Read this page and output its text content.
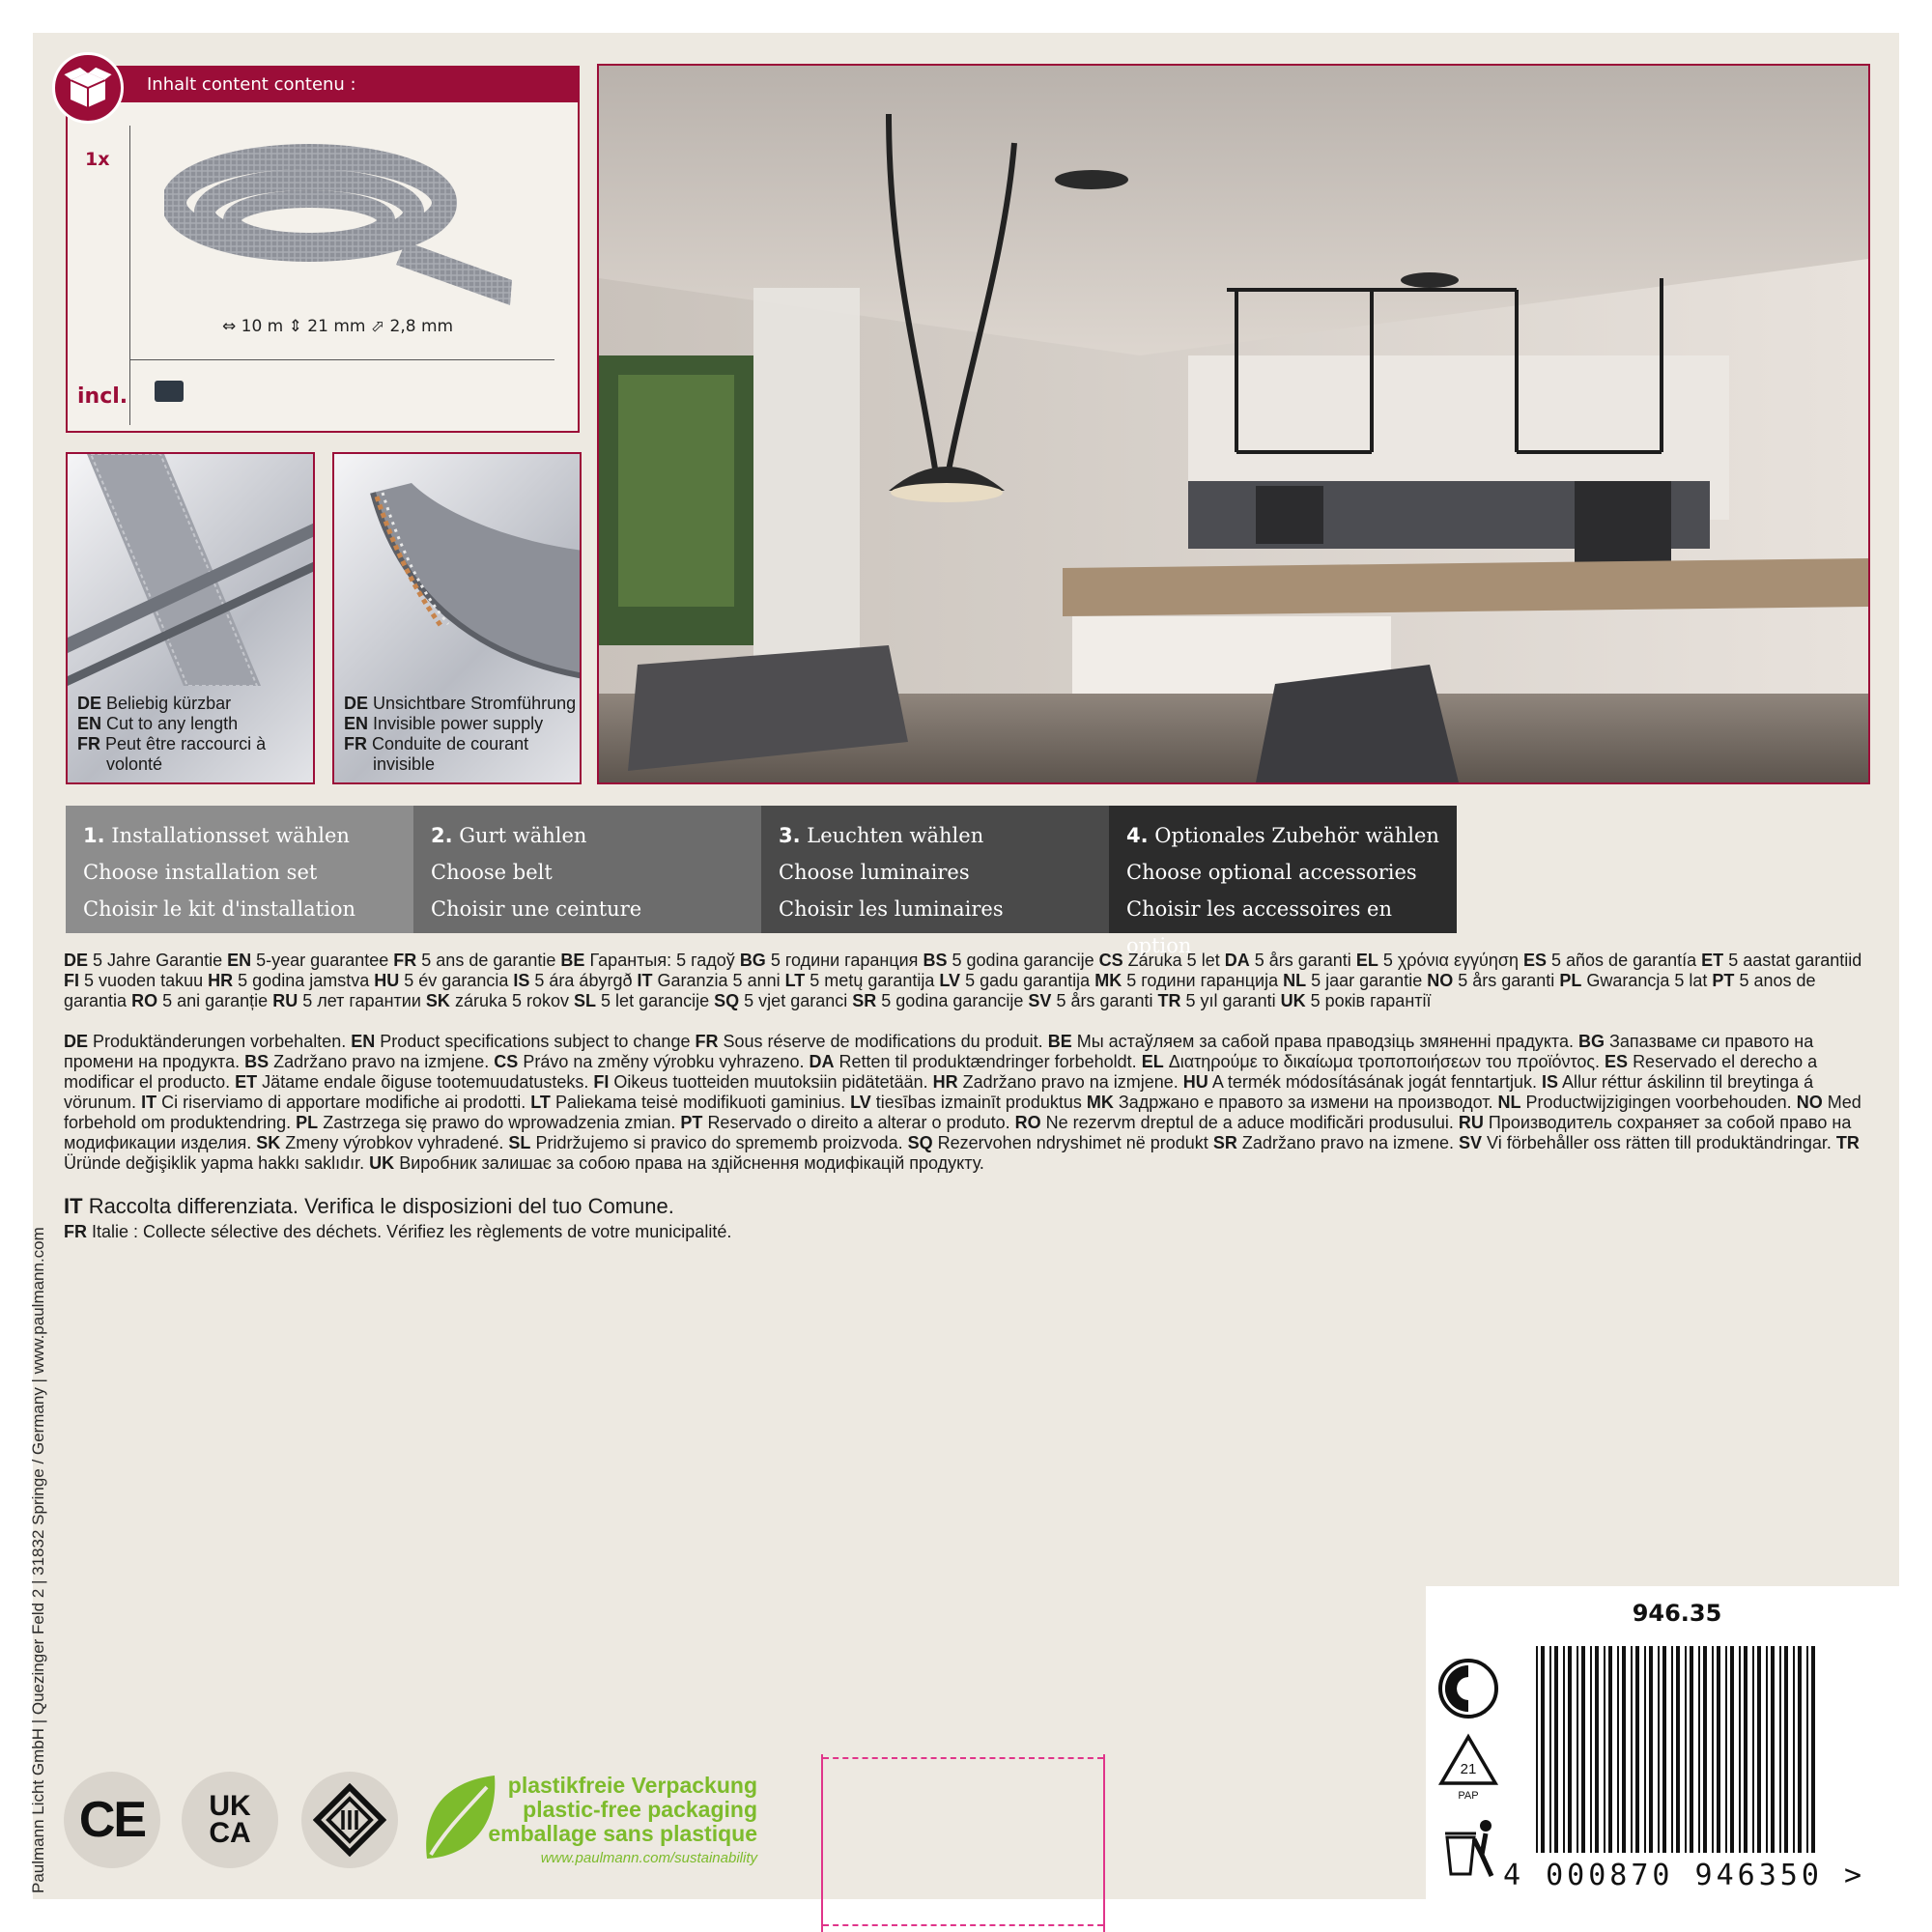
Paulmann Licht GmbH | Quezinger Feld 2 | 31832 Springe / Germany | www.paulmann.com
Inhalt content contenu :
1x
⇔ 10 m ⇕ 21 mm ⬀ 2,8 mm
incl.
DE Beliebig kürzbar
EN Cut to any length
FR Peut être raccourci à
volonté
DE Unsichtbare Stromführung
EN Invisible power supply
FR Conduite de courant
invisible
1. Installationsset wählen
Choose installation set
Choisir le kit d'installation
2. Gurt wählen
Choose belt
Choisir une ceinture
3. Leuchten wählen
Choose luminaires
Choisir les luminaires
4. Optionales Zubehör wählen
Choose optional accessories
Choisir les accessoires en option
DE 5 Jahre Garantie EN 5-year guarantee FR 5 ans de garantie BE Гарантыя: 5 гадоў BG 5 години гаранция BS 5 godina garancije CS Záruka 5 let DA 5 års garanti EL 5 χρόνια εγγύηση ES 5 años de garantía ET 5 aastat garantiid FI 5 vuoden takuu HR 5 godina jamstva HU 5 év garancia IS 5 ára ábyrgð IT Garanzia 5 anni LT 5 metų garantija LV 5 gadu garantija MK 5 години гаранција NL 5 jaar garantie NO 5 års garanti PL Gwarancja 5 lat PT 5 anos de garantia RO 5 ani garanție RU 5 лет гарантии SK záruka 5 rokov SL 5 let garancije SQ 5 vjet garanci SR 5 godina garancije SV 5 års garanti TR 5 yıl garanti UK 5 років гарантії
DE Produktänderungen vorbehalten. EN Product specifications subject to change FR Sous réserve de modifications du produit. BE Мы астаўляем за сабой права праводзіць змяненні прадукта. BG Запазваме си правото на промени на продукта. BS Zadržano pravo na izmjene. CS Právo na změny výrobku vyhrazeno. DA Retten til produktændringer forbeholdt. EL Διατηρούμε το δικαίωμα τροποποιήσεων του προϊόντος. ES Reservado el derecho a modificar el producto. ET Jätame endale õiguse tootemuudatusteks. FI Oikeus tuotteiden muutoksiin pidätetään. HR Zadržano pravo na izmjene. HU A termék módosításának jogát fenntartjuk. IS Allur réttur áskilinn til breytinga á vörunum. IT Ci riserviamo di apportare modifiche ai prodotti. LT Paliekama teisė modifikuoti gaminius. LV tiesības izmainīt produktus MK Задржано е правото за измени на производот. NL Productwijzigingen voorbehouden. NO Med forbehold om produktendring. PL Zastrzega się prawo do wprowadzenia zmian. PT Reservado o direito a alterar o produto. RO Ne rezervm dreptul de a aduce modificări produsului. RU Производитель сохраняет за собой право на модификации изделия. SK Zmeny výrobkov vyhradené. SL Pridržujemo si pravico do sprememb proizvoda. SQ Rezervohen ndryshimet në produkt SR Zadržano pravo na izmene. SV Vi förbehåller oss rätten till produktändringar. TR Üründe değişiklik yapma hakkı saklıdır. UK Виробник залишає за собою права на здійснення модифікацій продукту.
IT Raccolta differenziata. Verifica le disposizioni del tuo Comune.
FR Italie : Collecte sélective des déchets. Vérifiez les règlements de votre municipalité.
CE	UK
CA
plastikfreie Verpackung
plastic-free packaging
emballage sans plastique
www.paulmann.com/sustainability
946.35
21
PAP
4 000870 946350 >
